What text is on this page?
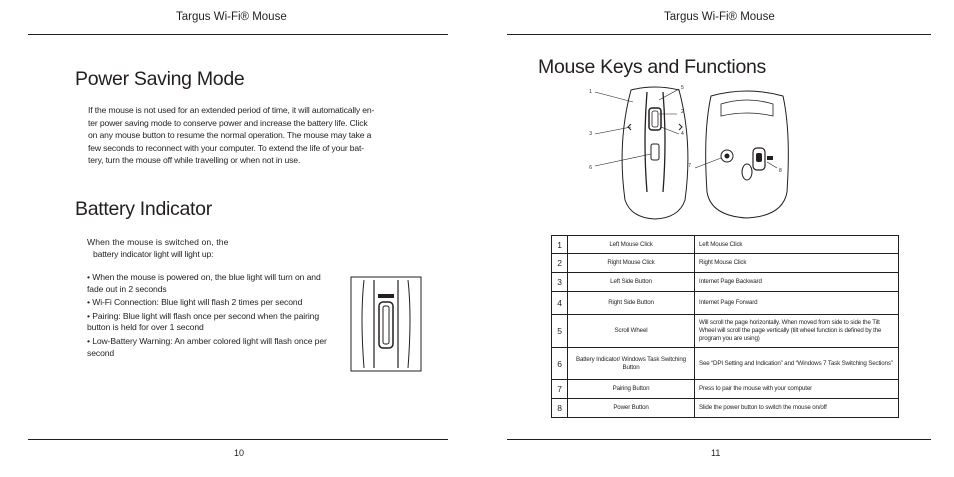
Targus Wi-Fi® Mouse
Power Saving Mode
If the mouse is not used for an extended period of time, it will automatically en-
ter power saving mode to conserve power and increase the battery life. Click
on any mouse button to resume the normal operation. The mouse may take a
few seconds to reconnect with your computer. To extend the life of your bat-
tery, turn the mouse off while travelling or when not in use.
Battery Indicator
When the mouse is switched on, the
battery indicator light will light up:
• When the mouse is powered on, the blue light will turn on and fade out in 2 seconds
• Wi-Fi Connection: Blue light will flash 2 times per second
• Pairing: Blue light will flash once per second when the pairing button is held for over 1 second
• Low-Battery Warning: An amber colored light will flash once per second
10
Targus Wi-Fi® Mouse
Mouse Keys and Functions
1
2
3	4
5
6	7
8
1	Left Mouse Click	Left Mouse Click
2	Right Mouse Click	Right Mouse Click
3	Left Side Button	Internet Page Backward
4	Right Side Button	Internet Page Forward
5	Scroll Wheel	Will scroll the page horizontally. When moved from side to side the Tilt Wheel will scroll the page vertically (tilt wheel function is defined by the program you are using)
6	Battery Indicator/ Windows Task Switching Button	See “DPI Setting and Indication” and “Windows 7 Task Switching Sections”
7	Pairing Button	Press to pair the mouse with your computer
8	Power Button	Slide the power button to switch the mouse on/off
11
